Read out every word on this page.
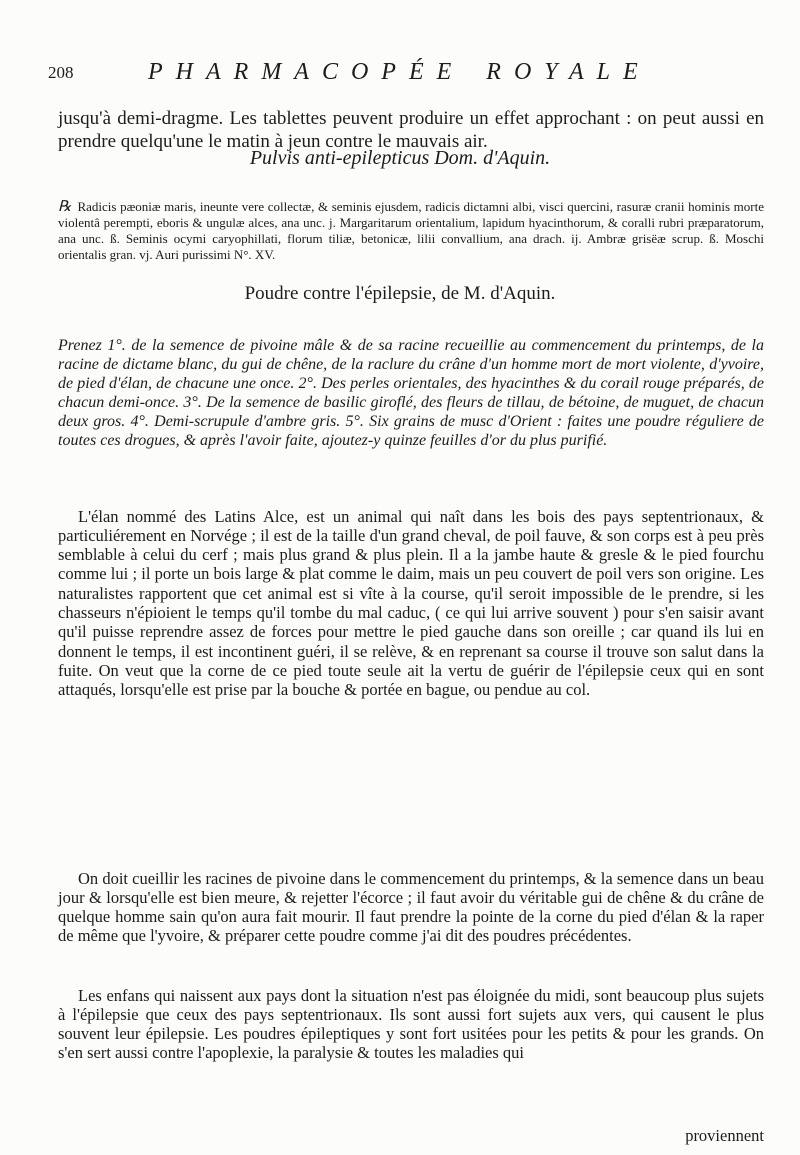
208	PHARMACOPÉE ROYALE

jusqu'à demi-dragme. Les tablettes peuvent produire un effet approchant : on peut aussi en prendre quelqu'une le matin à jeun contre le mauvais air.

Pulvis anti-epilepticus Dom. d'Aquin.

℞ Radicis pæoniæ maris, ineunte vere collectæ, & seminis ejusdem, radicis dictamni albi, visci quercini, rasuræ cranii hominis morte violentâ perempti, eboris & ungulæ alces, ana unc. j. Margaritarum orientalium, lapidum hyacinthorum, & coralli rubri præparatorum, ana unc. ß. Seminis ocymi caryophillati, florum tiliæ, betonicæ, lilii convallium, ana drach. ij. Ambræ grisëæ scrup. ß. Moschi orientalis gran. vj. Auri purissimi N°. XV.

Poudre contre l'épilepsie, de M. d'Aquin.

Prenez 1°. de la semence de pivoine mâle & de sa racine recueillie au commencement du printemps, de la racine de dictame blanc, du gui de chêne, de la raclure du crâne d'un homme mort de mort violente, d'yvoire, de pied d'élan, de chacune une once. 2°. Des perles orientales, des hyacinthes & du corail rouge préparés, de chacun demi-once. 3°. De la semence de basilic giroflé, des fleurs de tillau, de bétoine, de muguet, de chacun deux gros. 4°. Demi-scrupule d'ambre gris. 5°. Six grains de musc d'Orient : faites une poudre réguliere de toutes ces drogues, & après l'avoir faite, ajoutez-y quinze feuilles d'or du plus purifié.

L'élan nommé des Latins Alce, est un animal qui naît dans les bois des pays septentrionaux, & particuliérement en Norvége ; il est de la taille d'un grand cheval, de poil fauve, & son corps est à peu près semblable à celui du cerf ; mais plus grand & plus plein. Il a la jambe haute & gresle & le pied fourchu comme lui ; il porte un bois large & plat comme le daim, mais un peu couvert de poil vers son origine. Les naturalistes rapportent que cet animal est si vîte à la course, qu'il seroit impossible de le prendre, si les chasseurs n'épioient le temps qu'il tombe du mal caduc, ( ce qui lui arrive souvent ) pour s'en saisir avant qu'il puisse reprendre assez de forces pour mettre le pied gauche dans son oreille ; car quand ils lui en donnent le temps, il est incontinent guéri, il se relève, & en reprenant sa course il trouve son salut dans la fuite. On veut que la corne de ce pied toute seule ait la vertu de guérir de l'épilepsie ceux qui en sont attaqués, lorsqu'elle est prise par la bouche & portée en bague, ou pendue au col.

On doit cueillir les racines de pivoine dans le commencement du printemps, & la semence dans un beau jour & lorsqu'elle est bien meure, & rejetter l'écorce ; il faut avoir du véritable gui de chêne & du crâne de quelque homme sain qu'on aura fait mourir. Il faut prendre la pointe de la corne du pied d'élan & la raper de même que l'yvoire, & préparer cette poudre comme j'ai dit des poudres précédentes.

Les enfans qui naissent aux pays dont la situation n'est pas éloignée du midi, sont beaucoup plus sujets à l'épilepsie que ceux des pays septentrionaux. Ils sont aussi fort sujets aux vers, qui causent le plus souvent leur épilepsie. Les poudres épileptiques y sont fort usitées pour les petits & pour les grands. On s'en sert aussi contre l'apoplexie, la paralysie & toutes les maladies qui

proviennent
